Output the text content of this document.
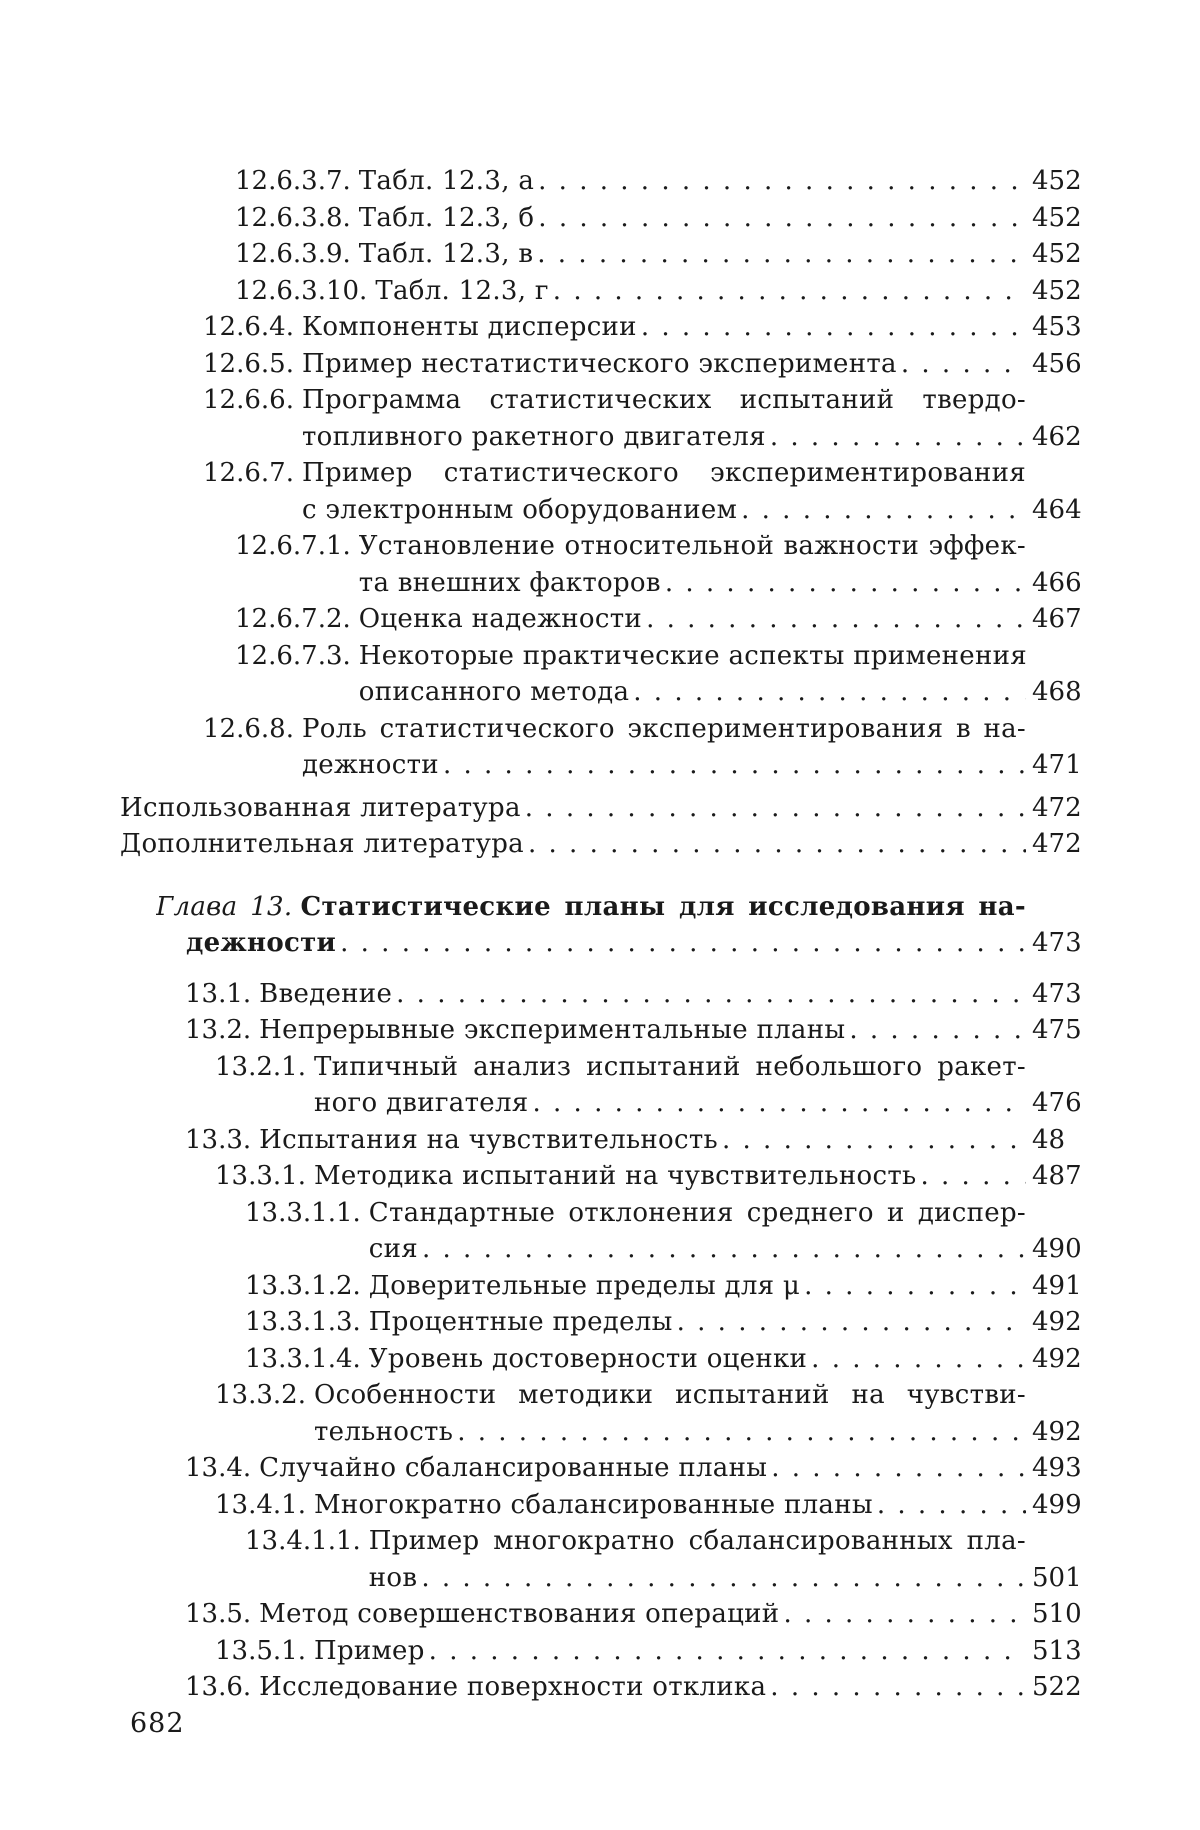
12.6.3.7. Табл. 12.3, а
. . .	452
12.6.3.8. Табл. 12.3, б
. . .	452
12.6.3.9. Табл. 12.3, в
. . .	452
12.6.3.10. Табл. 12.3, г
. . .	452
12.6.4. Компоненты дисперсии
. . .	453
12.6.5. Пример нестатистического эксперимента
. . .	456
12.6.6. Программа статистических испытаний твердо-
топливного ракетного двигателя
. . .	462
12.6.7. Пример статистического экспериментирования
с электронным оборудованием
. . .	464
12.6.7.1. Установление относительной важности эффек-
та внешних факторов
. . .	466
12.6.7.2. Оценка надежности
. . .	467
12.6.7.3. Некоторые практические аспекты применения
описанного метода
. . .	468
12.6.8. Роль статистического экспериментирования в на-
дежности
. . .	471
Использованная литература
. . .	472
Дополнительная литература
. . .	472
Глава 13. Статистические планы для исследования на-
дежности
. . .	473
13.1. Введение
. . .	473
13.2. Непрерывные экспериментальные планы
. . .	475
13.2.1. Типичный анализ испытаний небольшого ракет-
ного двигателя
. . .	476
13.3. Испытания на чувствительность
. . .	48
13.3.1. Методика испытаний на чувствительность
. . .	487
13.3.1.1. Стандартные отклонения среднего и диспер-
сия
. . .	490
13.3.1.2. Доверительные пределы для μ
. . .	491
13.3.1.3. Процентные пределы
. . .	492
13.3.1.4. Уровень достоверности оценки
. . .	492
13.3.2. Особенности методики испытаний на чувстви-
тельность
. . .	492
13.4. Случайно сбалансированные планы
. . .	493
13.4.1. Многократно сбалансированные планы
. . .	499
13.4.1.1. Пример многократно сбалансированных пла-
нов
. . .	501
13.5. Метод совершенствования операций
. . .	510
13.5.1. Пример
. . .	513
13.6. Исследование поверхности отклика
. . .	522
682
